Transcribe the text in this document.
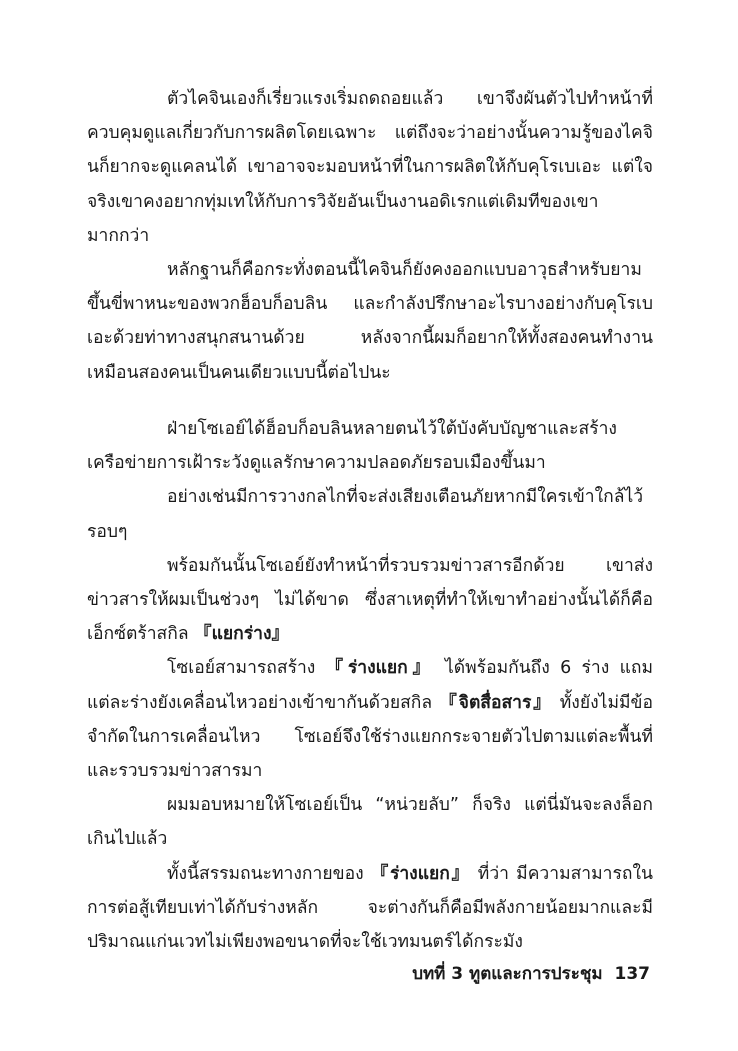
ตัวไคจินเองก็เรี่ยวแรงเริ่มถดถอยแล้ว เขาจึงผันตัวไปทำหน้าที่ควบคุมดูแลเกี่ยวกับการผลิตโดยเฉพาะ แต่ถึงจะว่าอย่างนั้นความรู้ของไคจินก็ยากจะดูแคลนได้ เขาอาจจะมอบหน้าที่ในการผลิตให้กับคุโรเบเอะ แต่ใจจริงเขาคงอยากทุ่มเทให้กับการวิจัยอันเป็นงานอดิเรกแต่เดิมทีของเขามากกว่า

หลักฐานก็คือกระทั่งตอนนี้ไคจินก็ยังคงออกแบบอาวุธสำหรับยามขึ้นขี่พาหนะของพวกฮ็อบก็อบลิน และกำลังปรึกษาอะไรบางอย่างกับคุโรเบเอะด้วยท่าทางสนุกสนานด้วย หลังจากนี้ผมก็อยากให้ทั้งสองคนทำงานเหมือนสองคนเป็นคนเดียวแบบนี้ต่อไปนะ

ฝ่ายโซเอย์ได้ฮ็อบก็อบลินหลายตนไว้ใต้บังคับบัญชาและสร้างเครือข่ายการเฝ้าระวังดูแลรักษาความปลอดภัยรอบเมืองขึ้นมา

อย่างเช่นมีการวางกลไกที่จะส่งเสียงเตือนภัยหากมีใครเข้าใกล้ไว้รอบๆ

พร้อมกันนั้นโซเอย์ยังทำหน้าที่รวบรวมข่าวสารอีกด้วย เขาส่งข่าวสารให้ผมเป็นช่วงๆ ไม่ได้ขาด ซึ่งสาเหตุที่ทำให้เขาทำอย่างนั้นได้ก็คือเอ็กซ์ตร้าสกิล 『แยกร่าง』

โซเอย์สามารถสร้าง 『ร่างแยก』 ได้พร้อมกันถึง 6 ร่าง แถมแต่ละร่างยังเคลื่อนไหวอย่างเข้าขากันด้วยสกิล 『จิตสื่อสาร』 ทั้งยังไม่มีข้อจำกัดในการเคลื่อนไหว โซเอย์จึงใช้ร่างแยกกระจายตัวไปตามแต่ละพื้นที่และรวบรวมข่าวสารมา

ผมมอบหมายให้โซเอย์เป็น “หน่วยลับ” ก็จริง แต่นี่มันจะลงล็อกเกินไปแล้ว

ทั้งนี้สรรมถนะทางกายของ 『ร่างแยก』 ที่ว่า มีความสามารถในการต่อสู้เทียบเท่าได้กับร่างหลัก จะต่างกันก็คือมีพลังกายน้อยมากและมีปริมาณแก่นเวทไม่เพียงพอขนาดที่จะใช้เวทมนตร์ได้กระมัง

บทที่ 3 ทูตและการประชุม 137
